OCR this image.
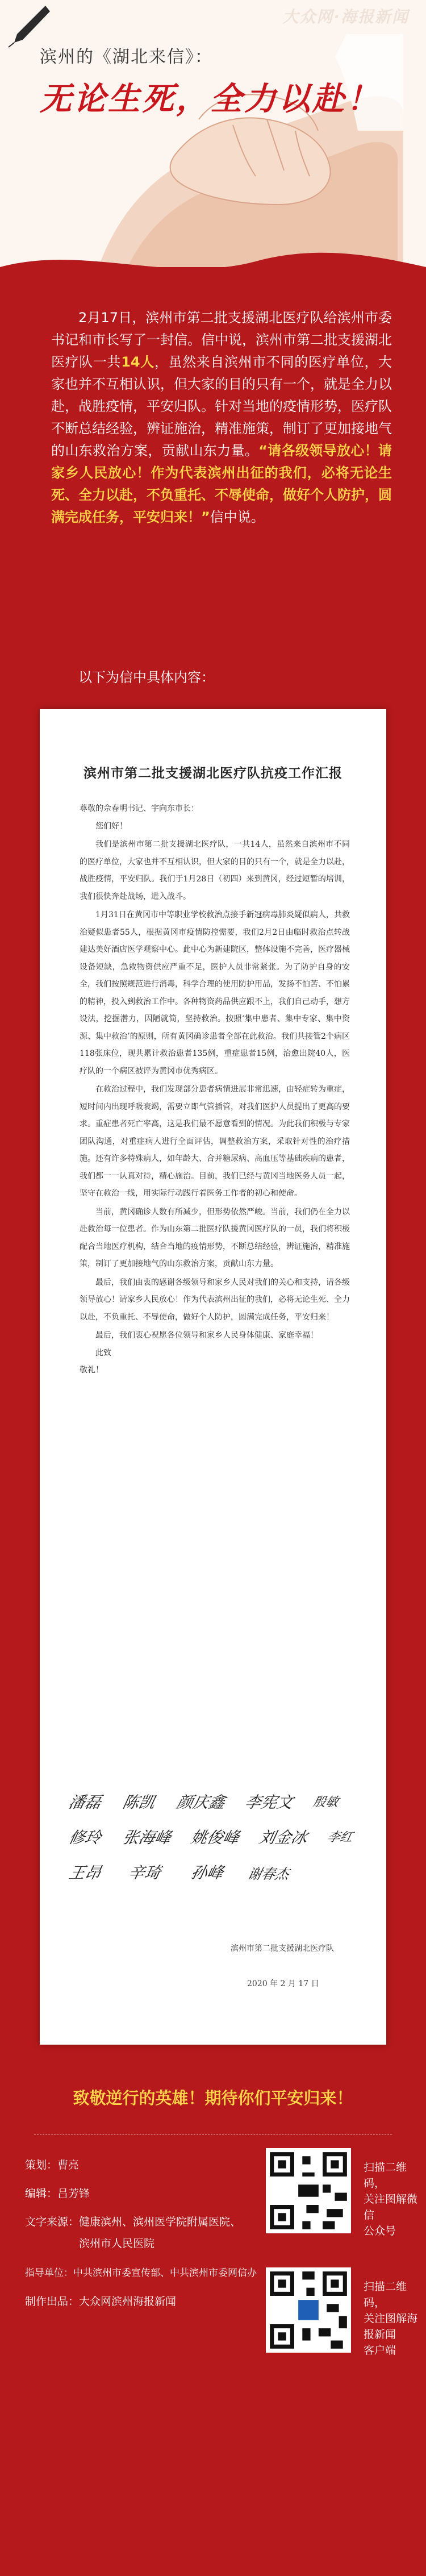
大众网·海报新闻
滨州的《湖北来信》：
无论生死，全力以赴！
2月17日，滨州市第二批支援湖北医疗队给滨州市委书记和市长写了一封信。信中说，滨州市第二批支援湖北医疗队一共14人，虽然来自滨州市不同的医疗单位，大家也并不互相认识，但大家的目的只有一个，就是全力以赴，战胜疫情，平安归队。针对当地的疫情形势，医疗队不断总结经验，辨证施治，精准施策，制订了更加接地气的山东救治方案，贡献山东力量。“请各级领导放心！请家乡人民放心！作为代表滨州出征的我们，必将无论生死、全力以赴，不负重托、不辱使命，做好个人防护，圆满完成任务，平安归来！”信中说。
以下为信中具体内容：
滨州市第二批支援湖北医疗队抗疫工作汇报

尊敬的佘春明书记、宇向东市长：

您们好！

我们是滨州市第二批支援湖北医疗队，一共14人，虽然来自滨州市不同的医疗单位，大家也并不互相认识，但大家的目的只有一个，就是全力以赴，战胜疫情，平安归队。我们于1月28日（初四）来到黄冈，经过短暂的培训，我们很快奔赴战场，进入战斗。

1月31日在黄冈市中等职业学校救治点接手新冠病毒肺炎疑似病人，共救治疑似患者55人，根据黄冈市疫情防控需要，我们2月2日由临时救治点转战建达美好酒店医学观察中心。此中心为新建院区，整体设施不完善，医疗器械设备短缺，急救物资供应严重不足，医护人员非常紧张。为了防护自身的安全，我们按照规范进行消毒，科学合理的使用防护用品，发扬不怕苦、不怕累的精神，投入到救治工作中。各种物资药品供应跟不上，我们自己动手，想方设法，挖掘潜力，因陋就简，坚持救治。按照‘集中患者、集中专家、集中资源、集中救治’的原则，所有黄冈确诊患者全部在此救治。我们共接管2个病区118张床位，现共累计救治患者135例，重症患者15例，治愈出院40人，医疗队的一个病区被评为黄冈市优秀病区。

在救治过程中，我们发现部分患者病情进展非常迅速，由轻症转为重症，短时间内出现呼吸衰竭，需要立即气管插管，对我们医护人员提出了更高的要求。重症患者死亡率高，这是我们最不愿意看到的情况。为此我们积极与专家团队沟通，对重症病人进行全面评估，调整救治方案，采取针对性的治疗措施。还有许多特殊病人，如年龄大、合并糖尿病、高血压等基础疾病的患者，我们都一一认真对待，精心施治。目前，我们已经与黄冈当地医务人员一起，坚守在救治一线，用实际行动践行着医务工作者的初心和使命。

当前，黄冈确诊人数有所减少，但形势依然严峻。当前，我们仍在全力以赴救治每一位患者。作为山东第二批医疗队援黄冈医疗队的一员，我们将积极配合当地医疗机构，结合当地的疫情形势，不断总结经验，辨证施治，精准施策，制订了更加接地气的山东救治方案，贡献山东力量。

最后，我们由衷的感谢各级领导和家乡人民对我们的关心和支持，请各级领导放心！请家乡人民放心！作为代表滨州出征的我们，必将无论生死、全力以赴，不负重托、不辱使命，做好个人防护，圆满完成任务，平安归来！

最后，我们衷心祝愿各位领导和家乡人民身体健康、家庭幸福！

此致

敬礼！

潘磊 陈凯 颜庆鑫 李宪文 殷敏
修玲 张海峰 姚俊峰 刘金冰 李红
王昂 辛琦 孙峰 谢春杰
滨州市第二批支援湖北医疗队
2020 年 2 月 17 日
致敬逆行的英雄！期待你们平安归来！
策划：曹亮
编辑：吕芳锋
文字来源：健康滨州、滨州医学院附属医院、
滨州市人民医院
指导单位：中共滨州市委宣传部、中共滨州市委网信办
制作出品：大众网滨州海报新闻
扫描二维码，
关注图解微信
公众号
扫描二维码，
关注图解海报新闻
客户端
